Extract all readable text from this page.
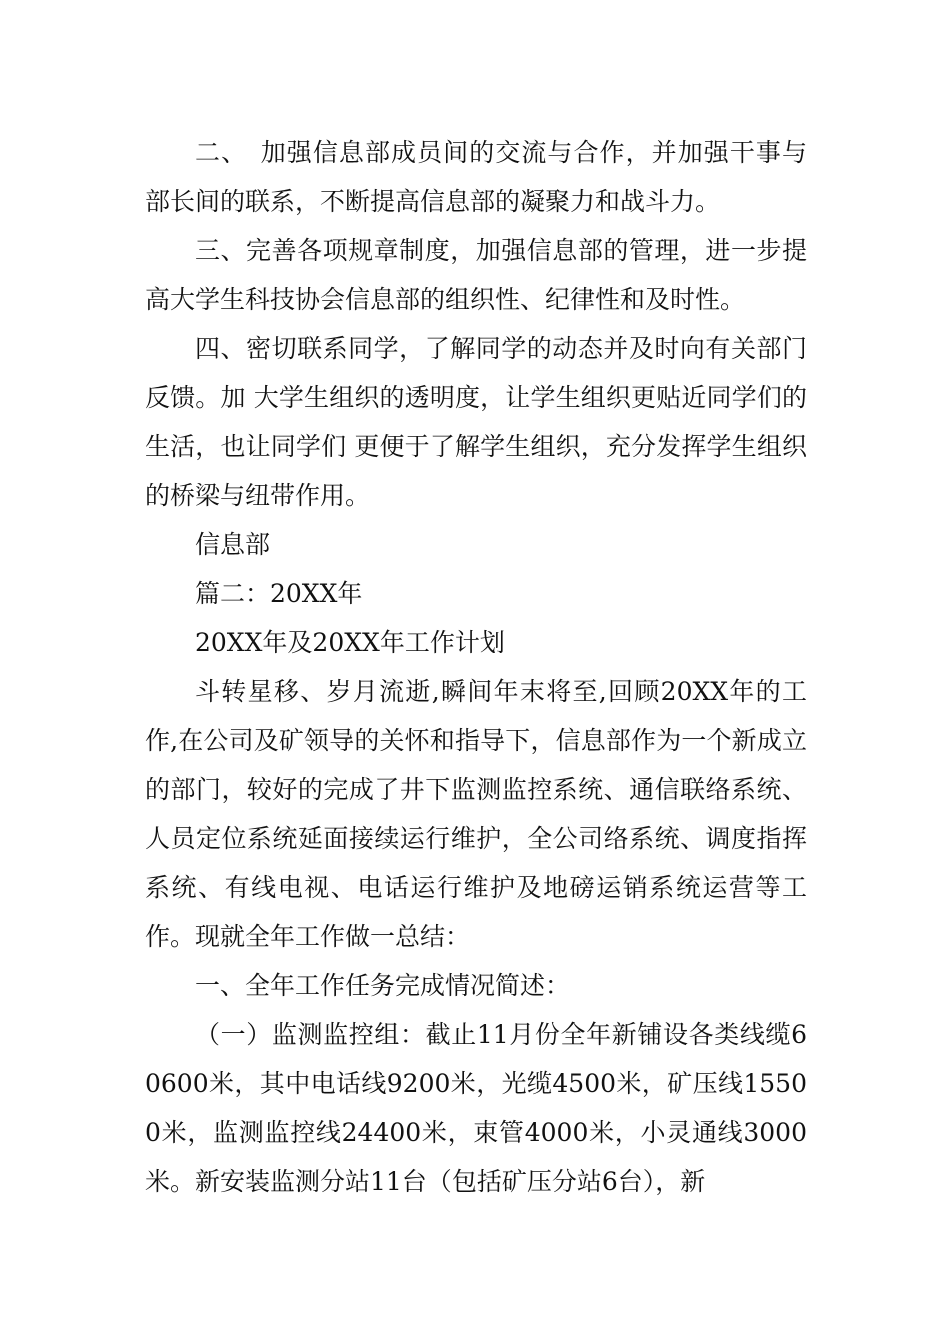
二、　加强信息部成员间的交流与合作，并加强干事与部长间的联系，不断提高信息部的凝聚力和战斗力。

三、完善各项规章制度，加强信息部的管理，进一步提高大学生科技协会信息部的组织性、纪律性和及时性。

四、密切联系同学，了解同学的动态并及时向有关部门反馈。加 大学生组织的透明度，让学生组织更贴近同学们的生活，也让同学们 更便于了解学生组织，充分发挥学生组织的桥梁与纽带作用。

信息部

篇二：20XX年

20XX年及20XX年工作计划

斗转星移、岁月流逝,瞬间年末将至,回顾20XX年的工作,在公司及矿领导的关怀和指导下，信息部作为一个新成立的部门，较好的完成了井下监测监控系统、通信联络系统、人员定位系统延面接续运行维护，全公司络系统、调度指挥系统、有线电视、电话运行维护及地磅运销系统运营等工作。现就全年工作做一总结：

一、全年工作任务完成情况简述：

（一）监测监控组：截止11月份全年新铺设各类线缆60600米，其中电话线9200米，光缆4500米，矿压线15500米，监测监控线24400米，束管4000米，小灵通线3000米。新安装监测分站11台（包括矿压分站6台），新
